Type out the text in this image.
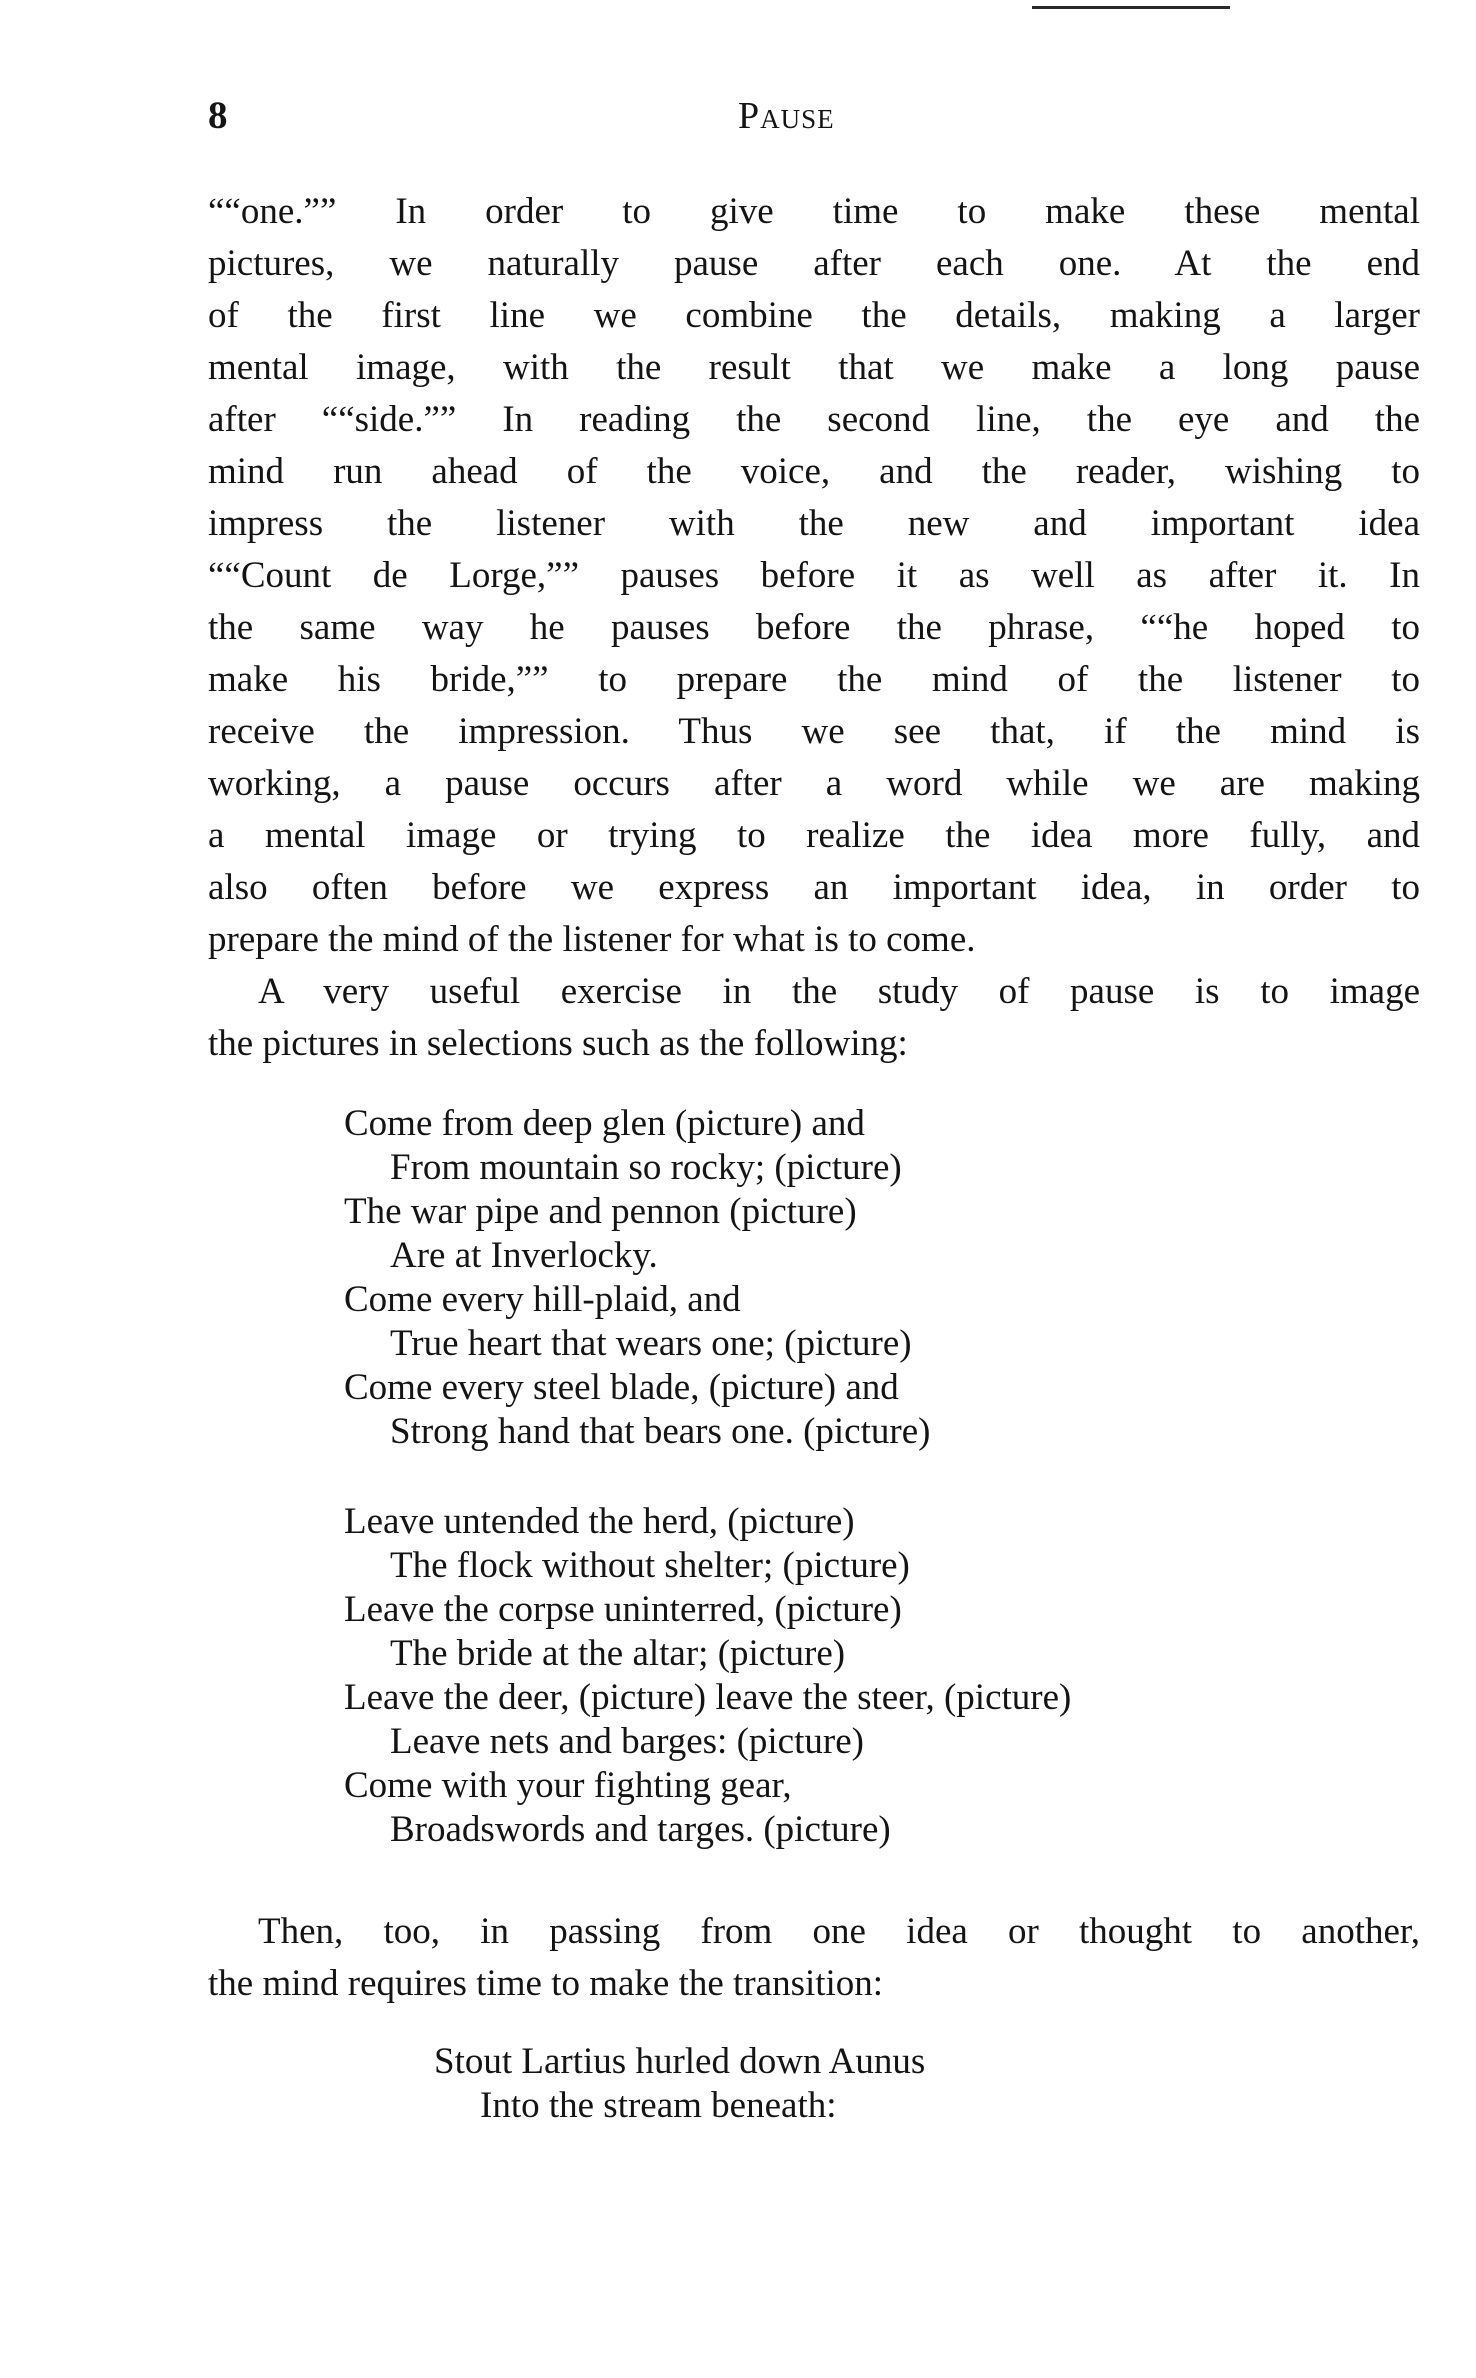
8	Pause
““one.”” In order to give time to make these mental
pictures, we naturally pause after each one. At the end
of the first line we combine the details, making a larger
mental image, with the result that we make a long pause
after ““side.”” In reading the second line, the eye and the
mind run ahead of the voice, and the reader, wishing to
impress the listener with the new and important idea
““Count de Lorge,”” pauses before it as well as after it. In
the same way he pauses before the phrase, ““he hoped to
make his bride,”” to prepare the mind of the listener to
receive the impression. Thus we see that, if the mind is
working, a pause occurs after a word while we are making
a mental image or trying to realize the idea more fully, and
also often before we express an important idea, in order to
prepare the mind of the listener for what is to come.
A very useful exercise in the study of pause is to image
the pictures in selections such as the following:
Come from deep glen (picture) and
From mountain so rocky; (picture)
The war pipe and pennon (picture)
Are at Inverlocky.
Come every hill-plaid, and
True heart that wears one; (picture)
Come every steel blade, (picture) and
Strong hand that bears one. (picture)
Leave untended the herd, (picture)
The flock without shelter; (picture)
Leave the corpse uninterred, (picture)
The bride at the altar; (picture)
Leave the deer, (picture) leave the steer, (picture)
Leave nets and barges: (picture)
Come with your fighting gear,
Broadswords and targes. (picture)
Then, too, in passing from one idea or thought to another,
the mind requires time to make the transition:
Stout Lartius hurled down Aunus
Into the stream beneath:
